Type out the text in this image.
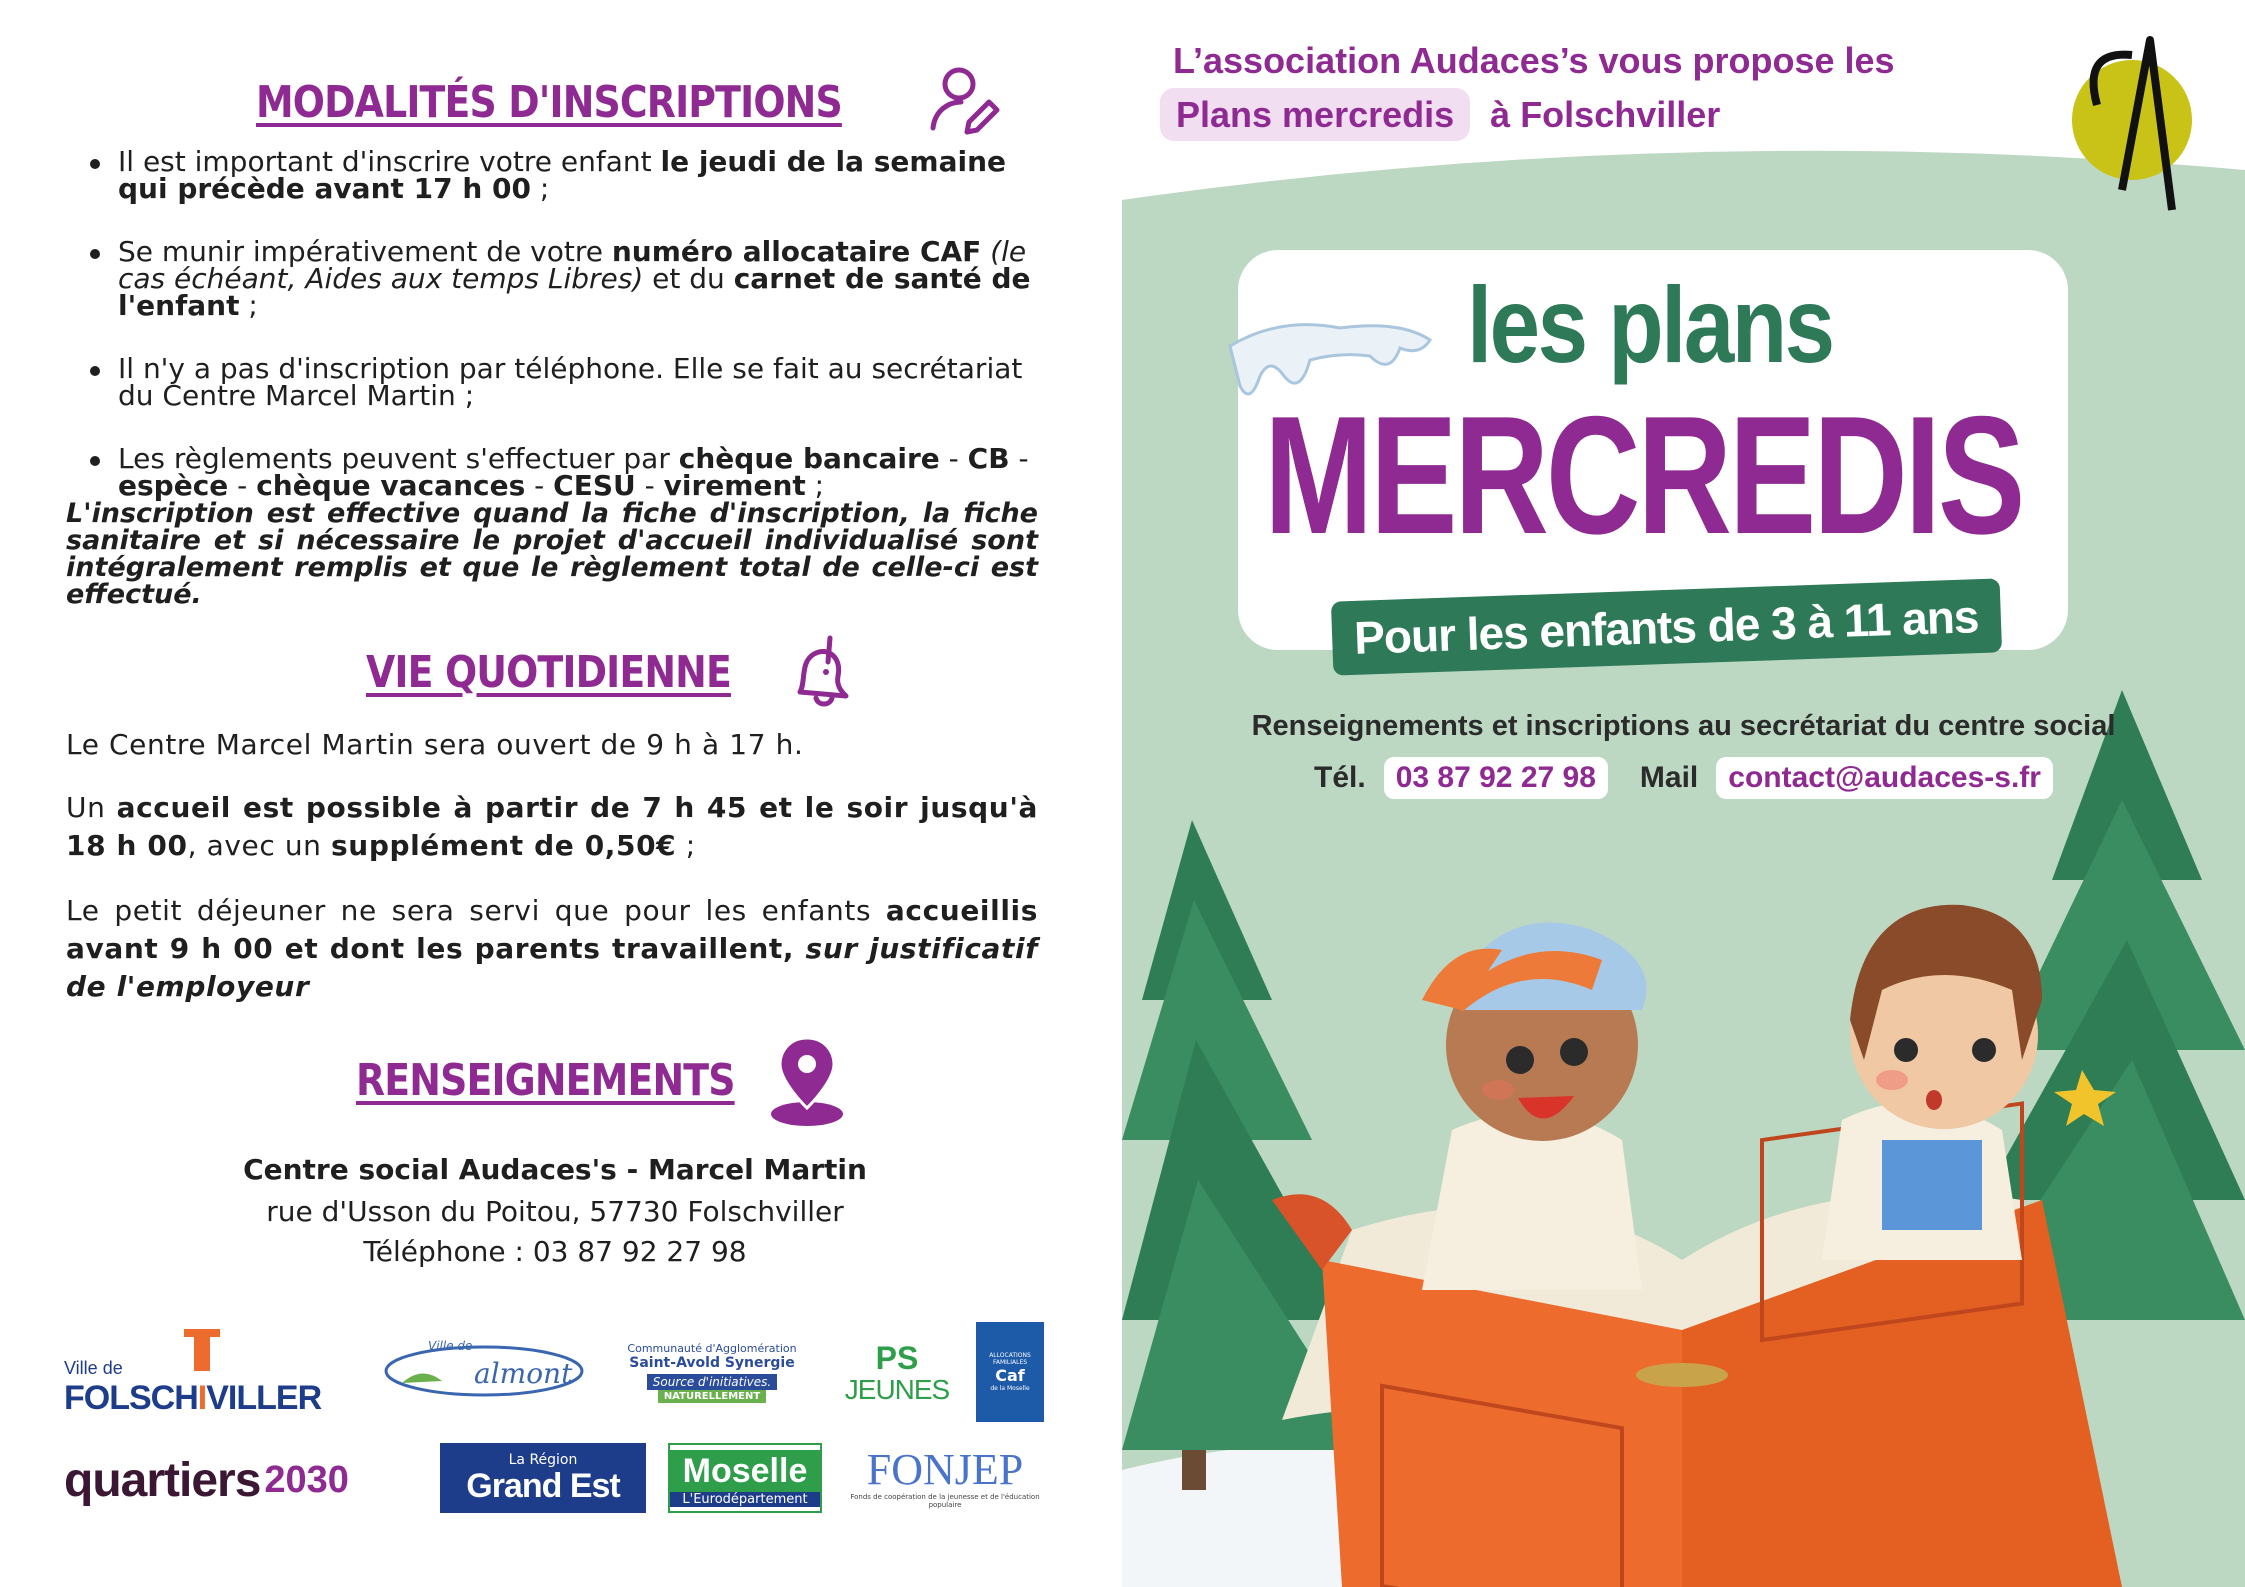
MODALITÉS D'INSCRIPTIONS
Il est important d'inscrire votre enfant le jeudi de la semaine qui précède avant 17 h 00 ;
Se munir impérativement de votre numéro allocataire CAF (le cas échéant, Aides aux temps Libres) et du carnet de santé de l'enfant ;
Il n'y a pas d'inscription par téléphone. Elle se fait au secrétariat du Centre Marcel Martin ;
Les règlements peuvent s'effectuer par chèque bancaire - CB - espèce - chèque vacances - CESU - virement ;

L'inscription est effective quand la fiche d'inscription, la fiche sanitaire et si nécessaire le projet d'accueil individualisé sont intégralement remplis et que le règlement total de celle-ci est effectué.

VIE QUOTIDIENNE

Le Centre Marcel Martin sera ouvert de 9 h à 17 h.

Un accueil est possible à partir de 7 h 45 et le soir jusqu'à 18 h 00, avec un supplément de 0,50€ ;

Le petit déjeuner ne sera servi que pour les enfants accueillis avant 9 h 00 et dont les parents travaillent, sur justificatif de l'employeur

RENSEIGNEMENTS
Centre social Audaces's - Marcel Martin
rue d'Usson du Poitou, 57730 Folschviller
Téléphone : 03 87 92 27 98
Ville de
FOLSCHIVILLER
Ville de
almont
Communauté d'Agglomération
Saint-Avold Synergie
Source d'initiatives.
NATURELLEMENT
PS
JEUNES
ALLOCATIONS FAMILIALES
Caf
de la Moselle
quartiers 2030	La Région
Grand Est	Moselle
L'Eurodépartement
FONJEP
Fonds de coopération de la jeunesse et de l'éducation populaire
L’association Audaces’s vous propose les
Plans mercredis à Folschviller
les plans
MERCREDIS
Pour les enfants de 3 à 11 ans
Renseignements et inscriptions au secrétariat du centre social
Tél.	03 87 92 27 98	Mail	contact@audaces-s.fr
